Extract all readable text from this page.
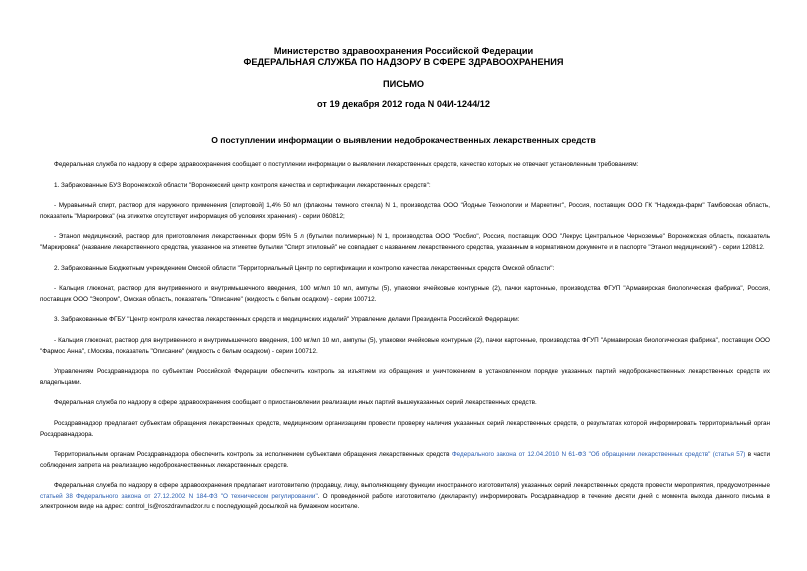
Министерство здравоохранения Российской Федерации
ФЕДЕРАЛЬНАЯ СЛУЖБА ПО НАДЗОРУ В СФЕРЕ ЗДРАВООХРАНЕНИЯ
ПИСЬМО
от 19 декабря 2012 года N 04И-1244/12
О поступлении информации о выявлении недоброкачественных лекарственных средств

Федеральная служба по надзору в сфере здравоохранения сообщает о поступлении информации о выявлении лекарственных средств, качество которых не отвечает установленным требованиям:

1. Забракованные БУЗ Воронежской области "Воронежский центр контроля качества и сертификации лекарственных средств":

- Муравьиный спирт, раствор для наружного применения [спиртовой] 1,4% 50 мл (флаконы темного стекла) N 1, производства ООО "Йодные Технологии и Маркетинг", Россия, поставщик ООО ГК "Надежда-фарм" Тамбовская область, показатель "Маркировка" (на этикетке отсутствует информация об условиях хранения) - серии 060812;

- Этанол медицинский, раствор для приготовления лекарственных форм 95% 5 л (бутылки полимерные) N 1, производства ООО "Росбио", Россия, поставщик ООО "Лекрус Центральное Черноземье" Воронежская область, показатель "Маркировка" (название лекарственного средства, указанное на этикетке бутылки "Спирт этиловый" не совпадает с названием лекарственного средства, указанным в нормативном документе и в паспорте "Этанол медицинский") - серии 120812.

2. Забракованные Бюджетным учреждением Омской области "Территориальный Центр по сертификации и контролю качества лекарственных средств Омской области":

- Кальция глюконат, раствор для внутривенного и внутримышечного введения, 100 мг/мл 10 мл, ампулы (5), упаковки ячейковые контурные (2), пачки картонные, производства ФГУП "Армавирская биологическая фабрика", Россия, поставщик ООО "Экопром", Омская область, показатель "Описание" (жидкость с белым осадком) - серии 100712.

3. Забракованные ФГБУ "Центр контроля качества лекарственных средств и медицинских изделий" Управление делами Президента Российской Федерации:

- Кальция глюконат, раствор для внутривенного и внутримышечного введения, 100 мг/мл 10 мл, ампулы (5), упаковки ячейковые контурные (2), пачки картонные, производства ФГУП "Армавирская биологическая фабрика", поставщик ООО "Фармос Анна", г.Москва, показатель "Описание" (жидкость с белым осадком) - серии 100712.

Управлениям Росздравнадзора по субъектам Российской Федерации обеспечить контроль за изъятием из обращения и уничтожением в установленном порядке указанных партий недоброкачественных лекарственных средств их владельцами.

Федеральная служба по надзору в сфере здравоохранения сообщает о приостановлении реализации иных партий вышеуказанных серий лекарственных средств.

Росздравнадзор предлагает субъектам обращения лекарственных средств, медицинским организациям провести проверку наличия указанных серий лекарственных средств, о результатах которой информировать территориальный орган Росздравнадзора.

Территориальным органам Росздравнадзора обеспечить контроль за исполнением субъектами обращения лекарственных средств Федерального закона от 12.04.2010 N 61-ФЗ "Об обращении лекарственных средств" (статья 57) в части соблюдения запрета на реализацию недоброкачественных лекарственных средств.

Федеральная служба по надзору в сфере здравоохранения предлагает изготовителю (продавцу, лицу, выполняющему функции иностранного изготовителя) указанных серий лекарственных средств провести мероприятия, предусмотренные статьей 38 Федерального закона от 27.12.2002 N 184-ФЗ "О техническом регулировании". О проведенной работе изготовителю (декларанту) информировать Росздравнадзор в течение десяти дней с момента выхода данного письма в электронном виде на адрес: control_ls@roszdravnadzor.ru с последующей досылкой на бумажном носителе.
